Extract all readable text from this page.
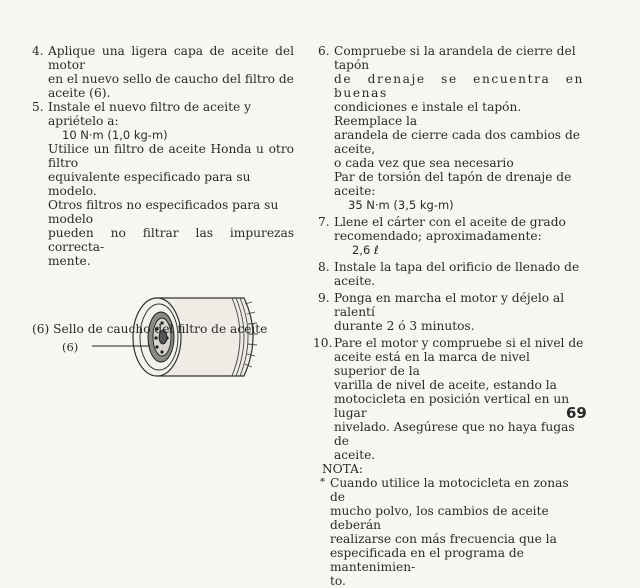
4. Aplique una ligera capa de aceite del motor
en el nuevo sello de caucho del filtro de
aceite (6).
5. Instale el nuevo filtro de aceite y apriételo a:
10 N·m (1,0 kg-m)
Utilice un filtro de aceite Honda u otro filtro
equivalente especificado para su modelo.
Otros filtros no especificados para su modelo
pueden no filtrar las impurezas correcta-
mente.
(6)
(6) Sello de caucho del filtro de aceite
6. Compruebe si la arandela de cierre del tapón
de drenaje se encuentra en buenas
condiciones e instale el tapón. Reemplace la
arandela de cierre cada dos cambios de aceite,
o cada vez que sea necesario
Par de torsión del tapón de drenaje de aceite:
35 N·m (3,5 kg-m)
7. Llene el cárter con el aceite de grado
recomendado; aproximadamente:
2,6 ℓ
8. Instale la tapa del orificio de llenado de
aceite.
9. Ponga en marcha el motor y déjelo al ralentí
durante 2 ó 3 minutos.
10. Pare el motor y compruebe si el nivel de
aceite está en la marca de nivel superior de la
varilla de nivel de aceite, estando la
motocicleta en posición vertical en un lugar
nivelado. Asegúrese que no haya fugas de
aceite.
NOTA:
* Cuando utilice la motocicleta en zonas de
mucho polvo, los cambios de aceite deberán
realizarse con más frecuencia que la
especificada en el programa de mantenimien-
to.
69
